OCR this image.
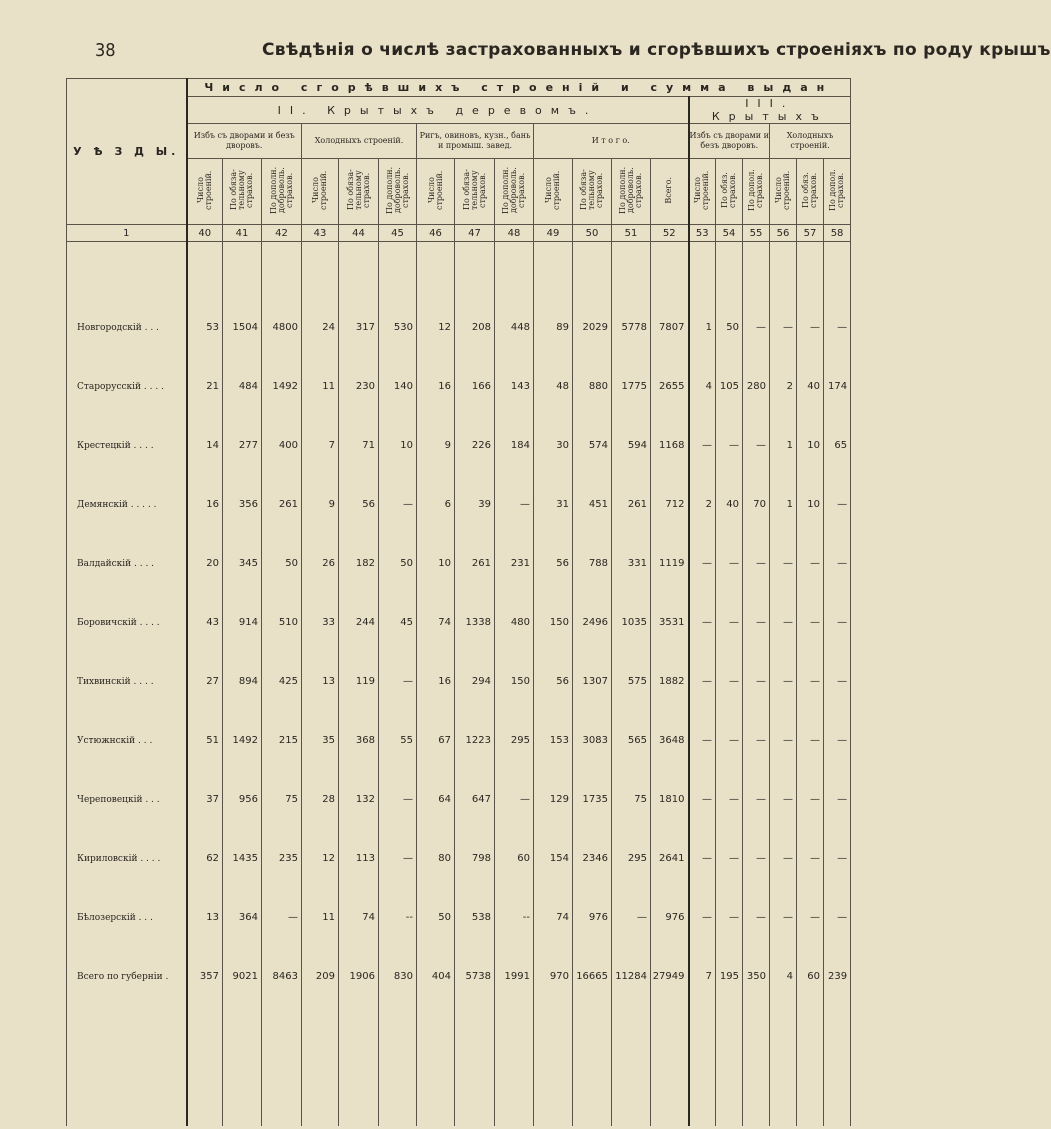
38	Свѣдѣнія о числѣ застрахованныхъ и сгорѣвшихъ строеніяхъ по роду крышъ
У Ѣ З Д Ы.	Число сгорѣвшихъ строеній и сумма выдан																		
	II. Крытыхъ деревомъ.													III. Крытыхъ					
	Избъ съ дворами и безъ дворовъ.			Холодныхъ строеній.			Ригъ, овиновъ, кузн., бань и промыш. завед.			И т о г о.				Избъ съ дворами и безъ дворовъ.			Холодныхъ строеній.		
	Число строеній.	По обяза-тельному страхов.	По дополн. доброволь. страхов.	Число строеній.	По обяза-тельному страхов.	По дополн. доброволь. страхов.	Число строеній.	По обяза-тельному страхов.	По дополн. доброволь. страхов.	Число строеній.	По обяза-тельному страхов.	По дополн. доброволь. страхов.	Всего.	Число строеній.	По обяз. страхов.	По допол. страхов.	Число строеній.	По обяз. страхов.	По допол. страхов.
1	40	41	42	43	44	45	46	47	48	49	50	51	52	53	54	55	56	57	58

Новгородскій . . .	53	1504	4800	24	317	530	12	208	448	89	2029	5778	7807	1	50	—	—	—	—
Старорусскій . . . .	21	484	1492	11	230	140	16	166	143	48	880	1775	2655	4	105	280	2	40	174
Крестецкій . . . .	14	277	400	7	71	10	9	226	184	30	574	594	1168	—	—	—	1	10	65
Демянскій . . . . .	16	356	261	9	56	—	6	39	—	31	451	261	712	2	40	70	1	10	—
Валдайскій . . . .	20	345	50	26	182	50	10	261	231	56	788	331	1119	—	—	—	—	—	—
Боровичскій . . . .	43	914	510	33	244	45	74	1338	480	150	2496	1035	3531	—	—	—	—	—	—
Тихвинскій . . . .	27	894	425	13	119	—	16	294	150	56	1307	575	1882	—	—	—	—	—	—
Устюжнскій . . .	51	1492	215	35	368	55	67	1223	295	153	3083	565	3648	—	—	—	—	—	—
Череповецкій . . .	37	956	75	28	132	—	64	647	—	129	1735	75	1810	—	—	—	—	—	—
Кириловскій . . . .	62	1435	235	12	113	—	80	798	60	154	2346	295	2641	—	—	—	—	—	—
Бѣлозерскій . . .	13	364	—	11	74	--	50	538	--	74	976	—	976	—	—	—	—	—	—
Всего по губерніи .	357	9021	8463	209	1906	830	404	5738	1991	970	16665	11284	27949	7	195	350	4	60	239
